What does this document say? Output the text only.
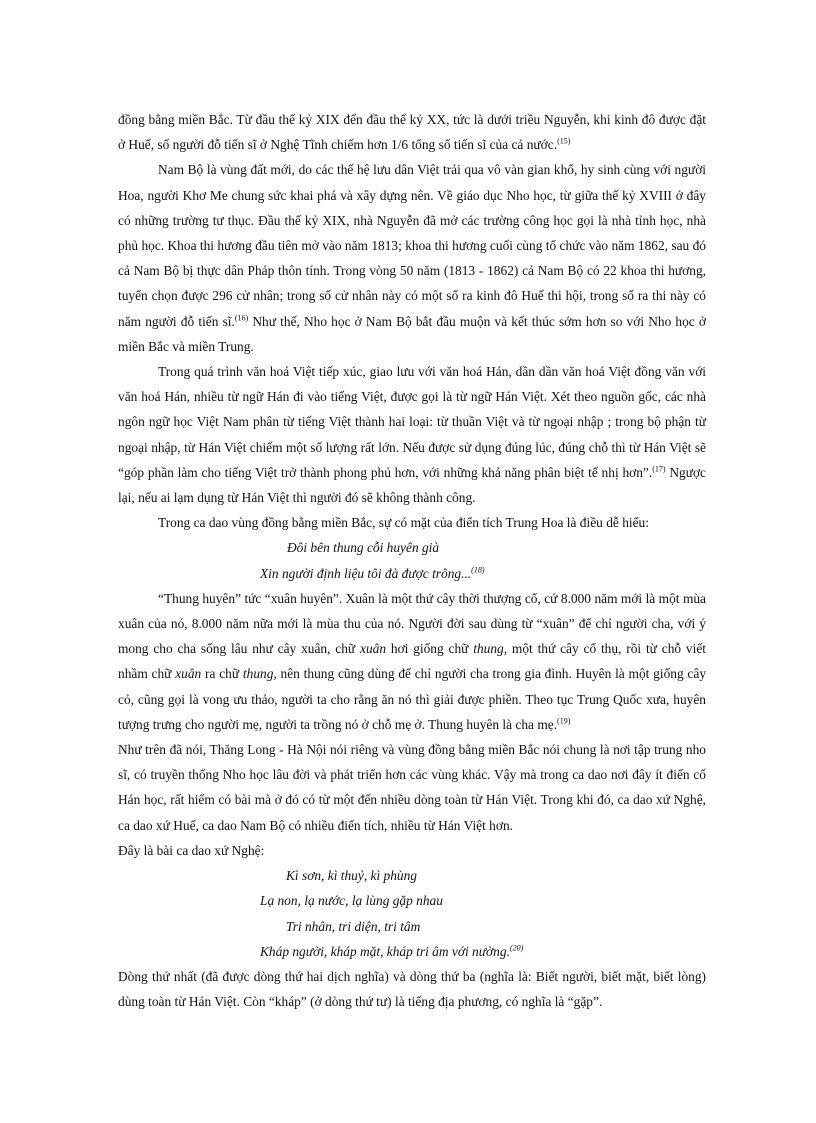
đồng bằng miền Bắc. Từ đầu thế kỷ XIX đến đầu thế kỷ XX, tức là dưới triều Nguyễn, khi kinh đô được đặt ở Huế, số người đỗ tiến sĩ ở Nghệ Tĩnh chiếm hơn 1/6 tổng số tiến sĩ của cả nước.$^{(15)}$

Nam Bộ là vùng đất mới, do các thế hệ lưu dân Việt trải qua vô vàn gian khổ, hy sinh cùng với người Hoa, người Khơ Me chung sức khai phá và xây dựng nên. Về giáo dục Nho học, từ giữa thế kỷ XVIII ở đây có những trường tư thục. Đầu thế kỷ XIX, nhà Nguyễn đã mở các trường công học gọi là nhà tỉnh học, nhà phủ học. Khoa thi hương đầu tiên mở vào năm 1813; khoa thi hương cuối cùng tổ chức vào năm 1862, sau đó cả Nam Bộ bị thực dân Pháp thôn tính. Trong vòng 50 năm (1813 - 1862) cả Nam Bộ có 22 khoa thi hương, tuyển chọn được 296 cử nhân; trong số cử nhân này có một số ra kinh đô Huế thi hội, trong số ra thi này có năm người đỗ tiến sĩ.$^{(16)}$ Như thế, Nho học ở Nam Bộ bắt đầu muộn và kết thúc sớm hơn so với Nho học ở miền Bắc và miền Trung.

Trong quá trình văn hoá Việt tiếp xúc, giao lưu với văn hoá Hán, dần dần văn hoá Việt đồng văn với văn hoá Hán, nhiều từ ngữ Hán đi vào tiếng Việt, được gọi là từ ngữ Hán Việt. Xét theo nguồn gốc, các nhà ngôn ngữ học Việt Nam phân từ tiếng Việt thành hai loại: từ thuần Việt và từ ngoại nhập ; trong bộ phận từ ngoại nhập, từ Hán Việt chiếm một số lượng rất lớn. Nếu được sử dụng đúng lúc, đúng chỗ thì từ Hán Việt sẽ “góp phần làm cho tiếng Việt trở thành phong phú hơn, với những khả năng phân biệt tế nhị hơn”.$^{(17)}$ Ngược lại, nếu ai lạm dụng từ Hán Việt thì người đó sẽ không thành công.

Trong ca dao vùng đồng bằng miền Bắc, sự có mặt của điển tích Trung Hoa là điều dễ hiểu:

Đôi bên thung cỗi huyên già

Xin người định liệu tôi đà được trông...$^{(18)}$

“Thung huyên” tức “xuân huyên”. Xuân là một thứ cây thời thượng cổ, cứ 8.000 năm mới là một mùa xuân của nó, 8.000 năm nữa mới là mùa thu của nó. Người đời sau dùng từ “xuân” để chỉ người cha, với ý mong cho cha sống lâu như cây xuân, chữ xuân hơi giống chữ thung, một thứ cây cổ thụ, rồi từ chỗ viết nhầm chữ xuân ra chữ thung, nên thung cũng dùng để chỉ người cha trong gia đình. Huyên là một giống cây cỏ, cũng gọi là vong ưu thảo, người ta cho rằng ăn nó thì giải được phiền. Theo tục Trung Quốc xưa, huyên tượng trưng cho người mẹ, người ta trồng nó ở chỗ mẹ ở. Thung huyên là cha mẹ.$^{(19)}$

Như trên đã nói, Thăng Long - Hà Nội nói riêng và vùng đồng bằng miền Bắc nói chung là nơi tập trung nho sĩ, có truyền thống Nho học lâu đời và phát triển hơn các vùng khác. Vậy mà trong ca dao nơi đây ít điển cố Hán học, rất hiếm có bài mà ở đó có từ một đến nhiều dòng toàn từ Hán Việt. Trong khi đó, ca dao xứ Nghệ, ca dao xứ Huế, ca dao Nam Bộ có nhiều điển tích, nhiều từ Hán Việt hơn.

Đây là bài ca dao xứ Nghệ:

Kì sơn, kì thuỷ, kì phùng

Lạ non, lạ nước, lạ lùng gặp nhau

Tri nhân, tri diện, tri tâm

Kháp người, kháp mặt, kháp tri âm với nường.$^{(20)}$

Dòng thứ nhất (đã được dòng thứ hai dịch nghĩa) và dòng thứ ba (nghĩa là: Biết người, biết mặt, biết lòng) dùng toàn từ Hán Việt. Còn “kháp” (ở dòng thứ tư) là tiếng địa phương, có nghĩa là “gặp”.
